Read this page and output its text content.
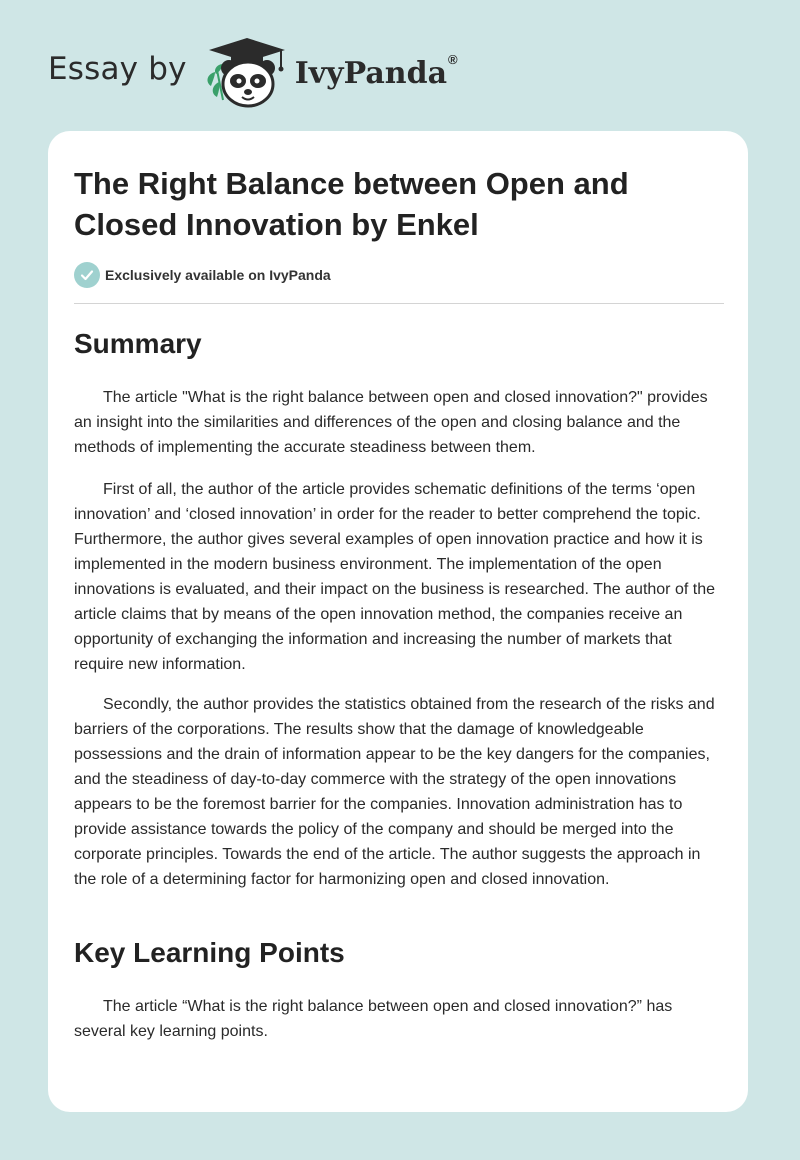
Essay by	IvyPanda®
The Right Balance between Open and Closed Innovation by Enkel
Exclusively available on IvyPanda
Summary

The article "What is the right balance between open and closed innovation?" provides an insight into the similarities and differences of the open and closing balance and the methods of implementing the accurate steadiness between them.

First of all, the author of the article provides schematic definitions of the terms ‘open innovation’ and ‘closed innovation’ in order for the reader to better comprehend the topic. Furthermore, the author gives several examples of open innovation practice and how it is implemented in the modern business environment. The implementation of the open innovations is evaluated, and their impact on the business is researched. The author of the article claims that by means of the open innovation method, the companies receive an opportunity of exchanging the information and increasing the number of markets that require new information.

Secondly, the author provides the statistics obtained from the research of the risks and barriers of the corporations. The results show that the damage of knowledgeable possessions and the drain of information appear to be the key dangers for the companies, and the steadiness of day-to-day commerce with the strategy of the open innovations appears to be the foremost barrier for the companies. Innovation administration has to provide assistance towards the policy of the company and should be merged into the corporate principles. Towards the end of the article. The author suggests the approach in the role of a determining factor for harmonizing open and closed innovation.

Key Learning Points

The article “What is the right balance between open and closed innovation?” has several key learning points.
